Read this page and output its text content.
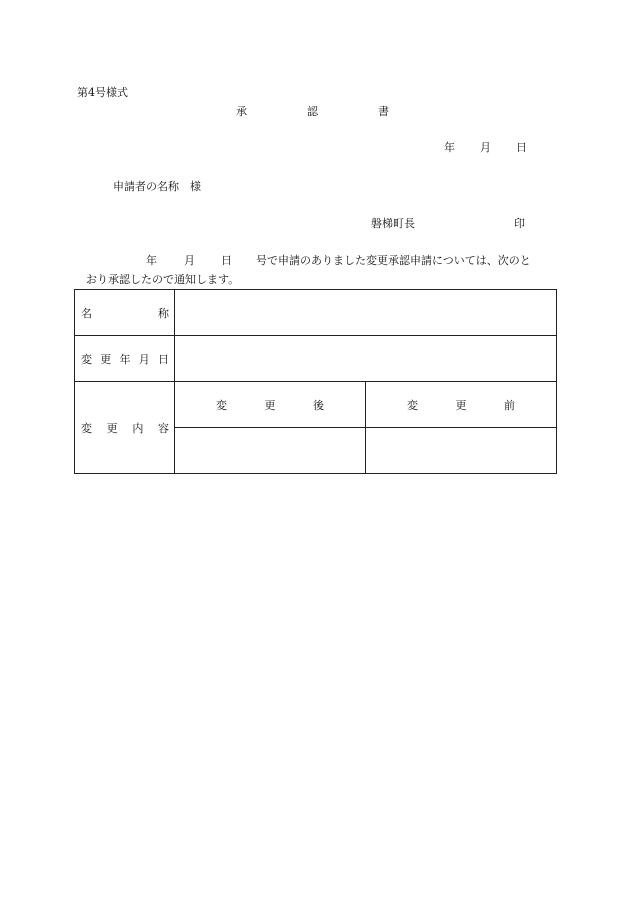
第4号様式
承	認	書
年 月 日
申請者の名称　様
磐梯町長	印
年 月 日 号で申請のありました変更承認申請については、次のと
おり承認したので通知します。
名 称		

変 更 年 月 日		

変 更 内 容	変 更 後	変 更 前
